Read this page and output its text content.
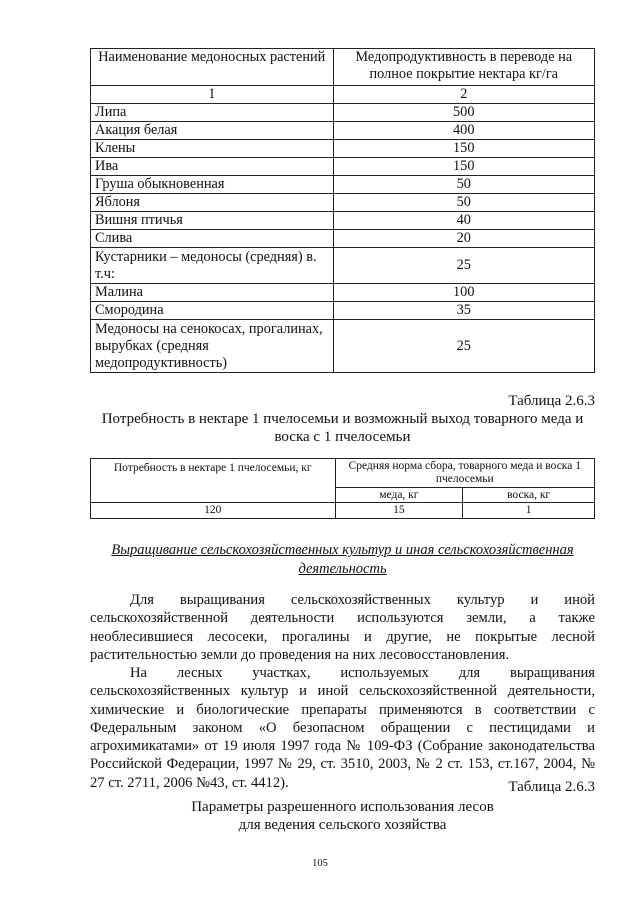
Наименование медоносных растений	Медопродуктивность в переводе на полное покрытие нектара кг/га
1	2
Липа	500
Акация белая	400
Клены	150
Ива	150
Груша обыкновенная	50
Яблоня	50
Вишня птичья	40
Слива	20
Кустарники – медоносы (средняя) в. т.ч:	25
Малина	100
Смородина	35
Медоносы на сенокосах, прогалинах, вырубках (средняя медопродуктивность)	25
Таблица 2.6.3
Потребность в нектаре 1 пчелосемьи и возможный выход товарного меда и воска с 1 пчелосемьи
Потребность в нектаре 1 пчелосемьи, кг	Средняя норма сбора, товарного меда и воска 1 пчелосемьи	
	меда, кг	воска, кг
120	15	1
Выращивание сельскохозяйственных культур и иная сельскохозяйственная деятельность

Для выращивания сельскохозяйственных культур и иной сельскохозяйственной деятельности используются земли, а также необлесившиеся лесосеки, прогалины и другие, не покрытые лесной растительностью земли до проведения на них лесовосстановления.

На лесных участках, используемых для выращивания сельскохозяйственных культур и иной сельскохозяйственной деятельности, химические и биологические препараты применяются в соответствии с Федеральным законом «О безопасном обращении с пестицидами и агрохимикатами» от 19 июля 1997 года № 109-ФЗ (Собрание законодательства Российской Федерации, 1997 № 29, ст. 3510, 2003, № 2 ст. 153, ст.167, 2004, № 27 ст. 2711, 2006 №43, ст. 4412).	Таблица 2.6.3
Параметры разрешенного использования лесов
для ведения сельского хозяйства
105
